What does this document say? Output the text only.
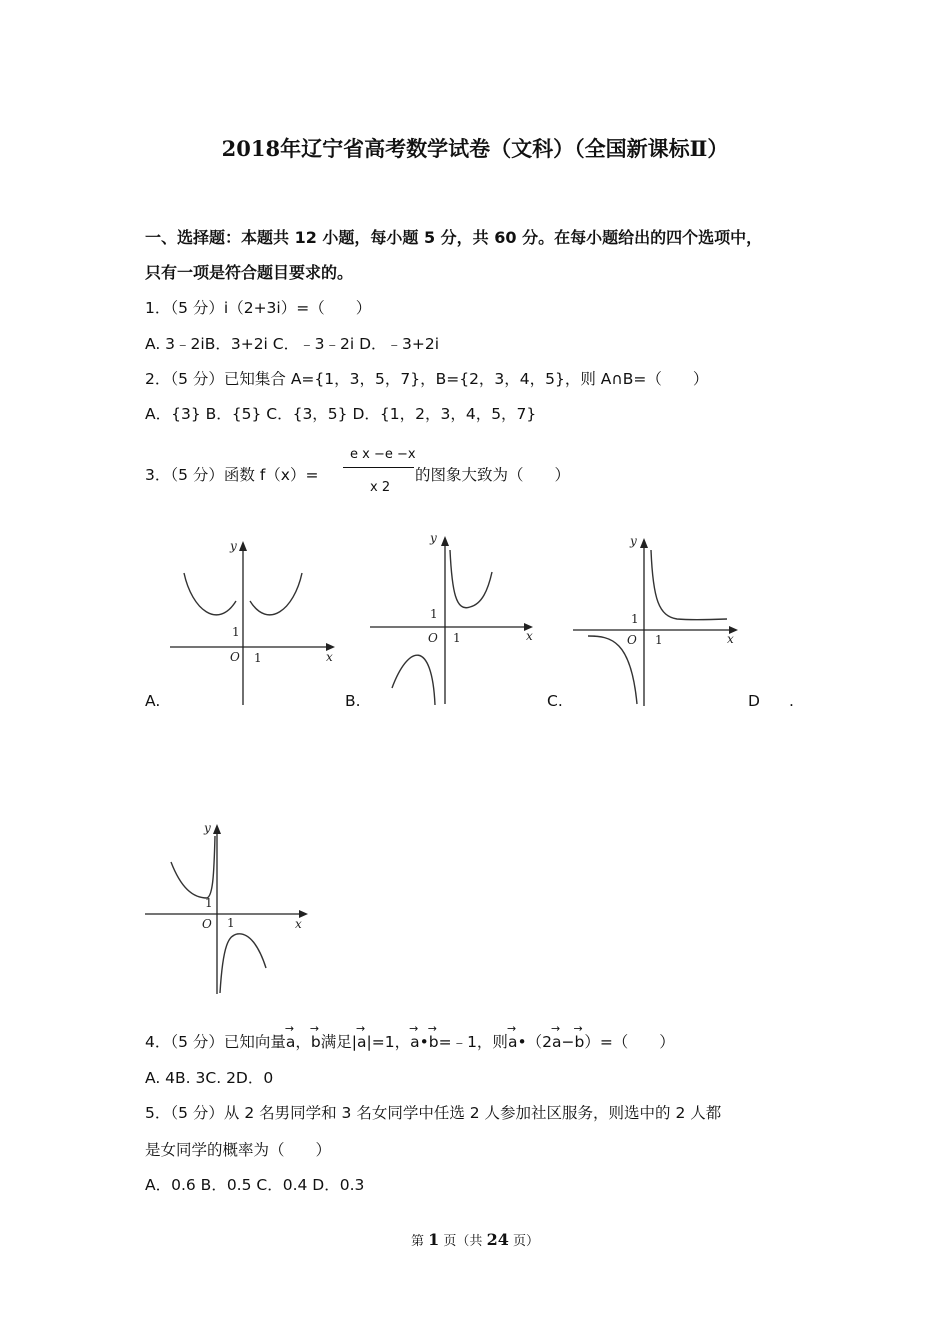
2018年辽宁省高考数学试卷（文科）（全国新课标Ⅱ）
一、选择题：本题共 12 小题，每小题 5 分，共 60 分。在每小题给出的四个选项中，
只有一项是符合题目要求的。
1．（5 分）i（2+3i）=（　　）
A. 3﹣2iB．3+2i C．﹣3﹣2i D．﹣3+2i
2．（5 分）已知集合 A={1，3，5，7}，B={2，3，4，5}，则 A∩B=（　　）
A．{3} B．{5} C．{3，5} D．{1，2，3，4，5，7}
3．（5 分）函数 f（x）=
e x −e −x
x 2
的图象大致为（　　）
y
x
O 1
1
y
x
O 1
1
y
x
O 1
1
A.	B.	C.	D .
y
x
O 1
1
4．（5 分）已知向量→ a，→ b满足|→ a|=1，→ a•→ b=﹣1，则→ a•（2→ a−→ b）=（　　）
A. 4B. 3C. 2D．0
5．（5 分）从 2 名男同学和 3 名女同学中任选 2 人参加社区服务，则选中的 2 人都
是女同学的概率为（　　）
A．0.6 B．0.5 C．0.4 D．0.3
第 1 页（共 24 页）
